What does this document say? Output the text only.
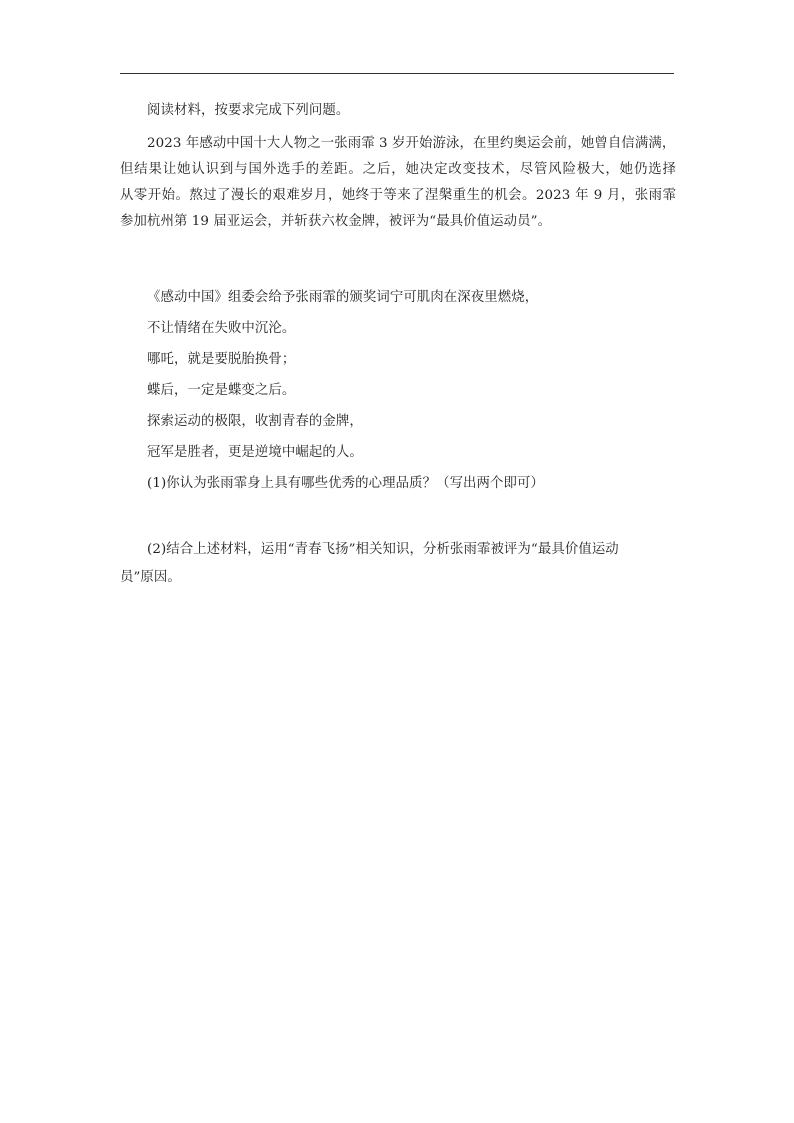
阅读材料，按要求完成下列问题。
2023 年感动中国十大人物之一张雨霏 3 岁开始游泳，在里约奥运会前，她曾自信满满，
但结果让她认识到与国外选手的差距。之后，她决定改变技术，尽管风险极大，她仍选择
从零开始。熬过了漫长的艰难岁月，她终于等来了涅槃重生的机会。2023 年 9 月，张雨霏
参加杭州第 19 届亚运会，并斩获六枚金牌，被评为“最具价值运动员”。
《感动中国》组委会给予张雨霏的颁奖词宁可肌肉在深夜里燃烧，
不让情绪在失败中沉沦。
哪吒，就是要脱胎换骨；
蝶后，一定是蝶变之后。
探索运动的极限，收割青春的金牌，
冠军是胜者，更是逆境中崛起的人。
(1)你认为张雨霏身上具有哪些优秀的心理品质？（写出两个即可）
(2)结合上述材料，运用“青春飞扬”相关知识，分析张雨霏被评为“最具价值运动
员”原因。
